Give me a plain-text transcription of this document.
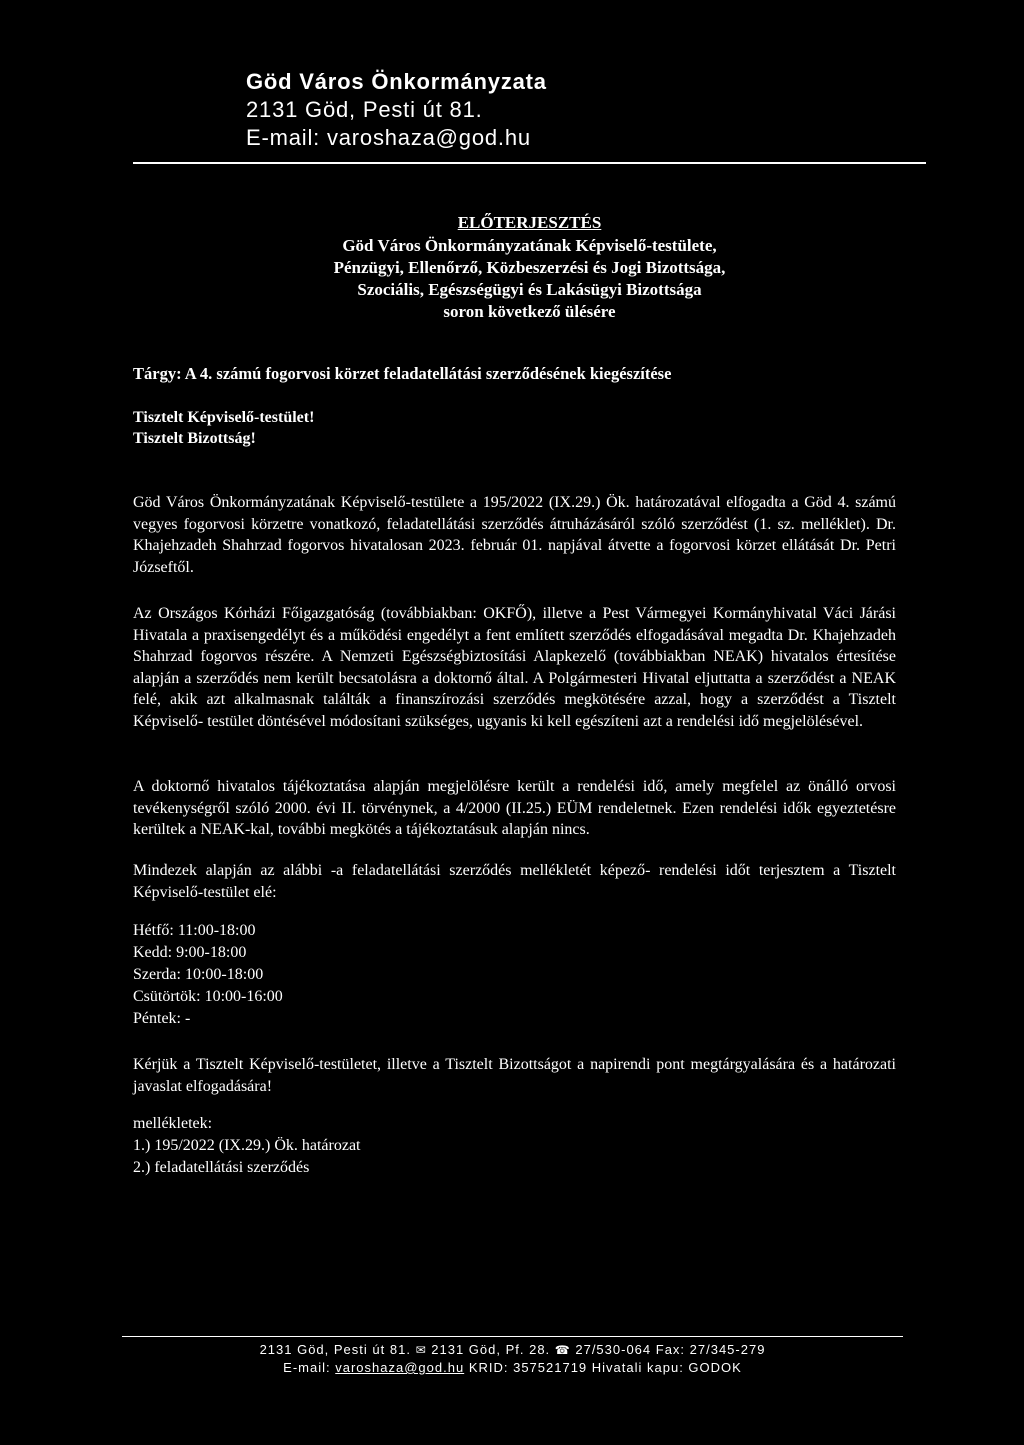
Göd Város Önkormányzata
2131 Göd, Pesti út 81.
E-mail: varoshaza@god.hu
ELŐTERJESZTÉS
Göd Város Önkormányzatának Képviselő-testülete,
Pénzügyi, Ellenőrző, Közbeszerzési és Jogi Bizottsága,
Szociális, Egészségügyi és Lakásügyi Bizottsága
soron következő ülésére
Tárgy: A 4. számú fogorvosi körzet feladatellátási szerződésének kiegészítése
Tisztelt Képviselő-testület!
Tisztelt Bizottság!
Göd Város Önkormányzatának Képviselő-testülete a 195/2022 (IX.29.) Ök. határozatával elfogadta a Göd 4. számú vegyes fogorvosi körzetre vonatkozó, feladatellátási szerződés átruházásáról szóló szerződést (1. sz. melléklet). Dr. Khajehzadeh Shahrzad fogorvos hivatalosan 2023. február 01. napjával átvette a fogorvosi körzet ellátását Dr. Petri Józseftől.
Az Országos Kórházi Főigazgatóság (továbbiakban: OKFŐ), illetve a Pest Vármegyei Kormányhivatal Váci Járási Hivatala a praxisengedélyt és a működési engedélyt a fent említett szerződés elfogadásával megadta Dr. Khajehzadeh Shahrzad fogorvos részére. A Nemzeti Egészségbiztosítási Alapkezelő (továbbiakban NEAK) hivatalos értesítése alapján a szerződés nem került becsatolásra a doktornő által. A Polgármesteri Hivatal eljuttatta a szerződést a NEAK felé, akik azt alkalmasnak találták a finanszírozási szerződés megkötésére azzal, hogy a szerződést a Tisztelt Képviselő- testület döntésével módosítani szükséges, ugyanis ki kell egészíteni azt a rendelési idő megjelölésével.
A doktornő hivatalos tájékoztatása alapján megjelölésre került a rendelési idő, amely megfelel az önálló orvosi tevékenységről szóló 2000. évi II. törvénynek, a 4/2000 (II.25.) EÜM rendeletnek. Ezen rendelési idők egyeztetésre kerültek a NEAK-kal, további megkötés a tájékoztatásuk alapján nincs.
Mindezek alapján az alábbi -a feladatellátási szerződés mellékletét képező- rendelési időt terjesztem a Tisztelt Képviselő-testület elé:
Hétfő: 11:00-18:00
Kedd: 9:00-18:00
Szerda: 10:00-18:00
Csütörtök: 10:00-16:00
Péntek: -
Kérjük a Tisztelt Képviselő-testületet, illetve a Tisztelt Bizottságot a napirendi pont megtárgyalására és a határozati javaslat elfogadására!
mellékletek:
1.) 195/2022 (IX.29.) Ök. határozat
2.) feladatellátási szerződés
2131 Göd, Pesti út 81. ✉ 2131 Göd, Pf. 28. ☎ 27/530-064 Fax: 27/345-279
E-mail: varoshaza@god.hu KRID: 357521719 Hivatali kapu: GODOK
